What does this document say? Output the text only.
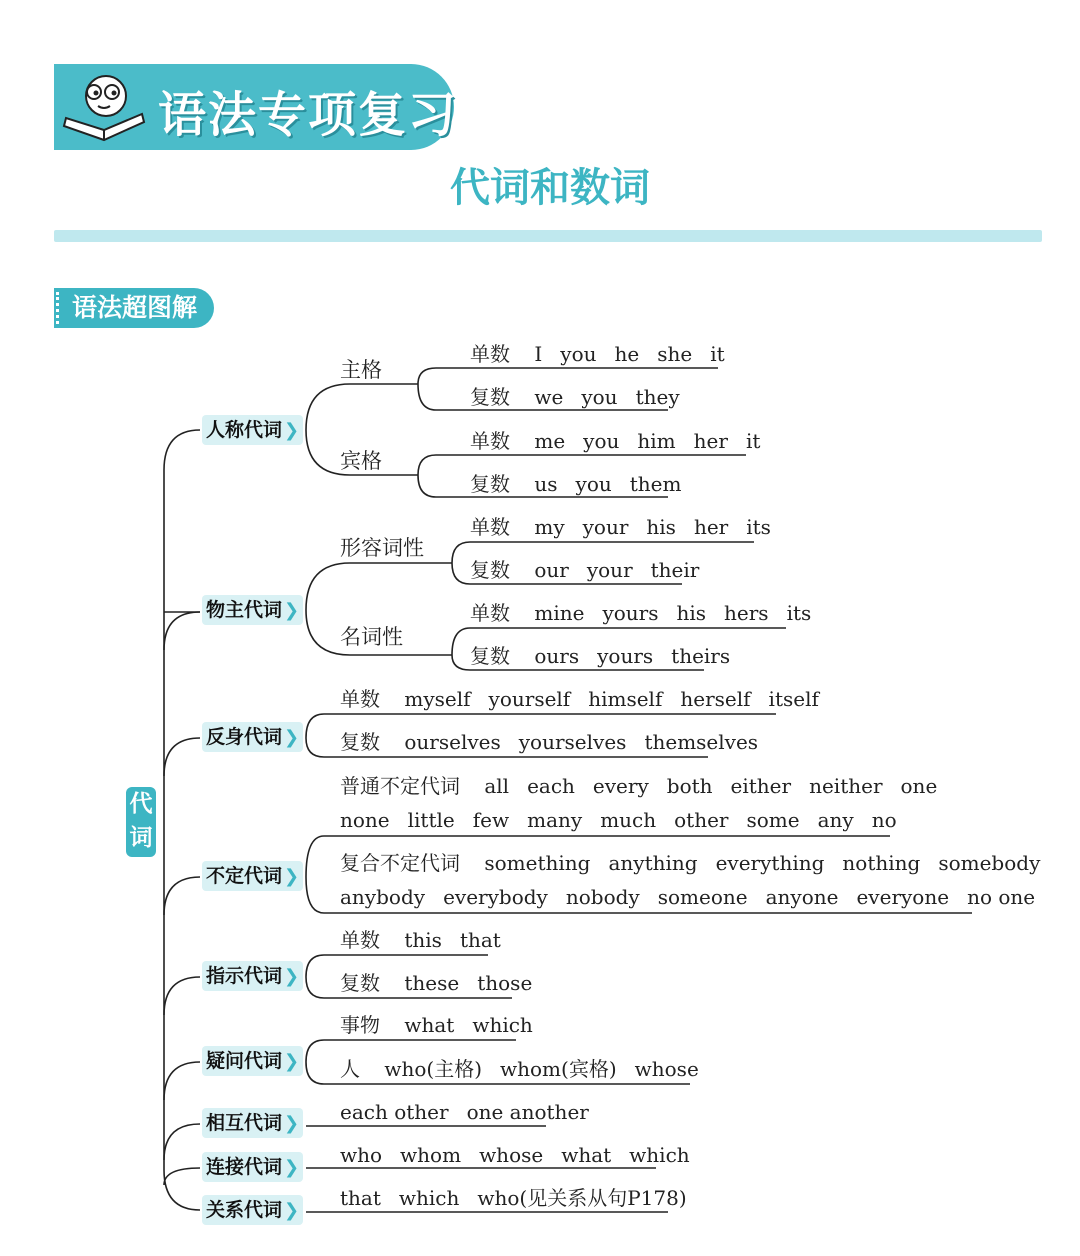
语法专项复习
代词和数词
语法超图解
代
词
人称代词 ❯
物主代词 ❯
反身代词 ❯
不定代词 ❯
指示代词 ❯
疑问代词 ❯
相互代词 ❯
连接代词 ❯
关系代词 ❯
主格
宾格
形容词性
名词性
单数 I you he she it
复数 we you they
单数 me you him her it
复数 us you them
单数 my your his her its
复数 our your their
单数 mine yours his hers its
复数 ours yours theirs
单数 myself yourself himself herself itself
复数 ourselves yourselves themselves
普通不定代词 all each every both either neither one
none little few many much other some any no
复合不定代词 something anything everything nothing somebody
anybody everybody nobody someone anyone everyone no one
单数 this that
复数 these those
事物 what which
人 who(主格) whom(宾格) whose
each other one another
who whom whose what which
that which who(见关系从句P178)
